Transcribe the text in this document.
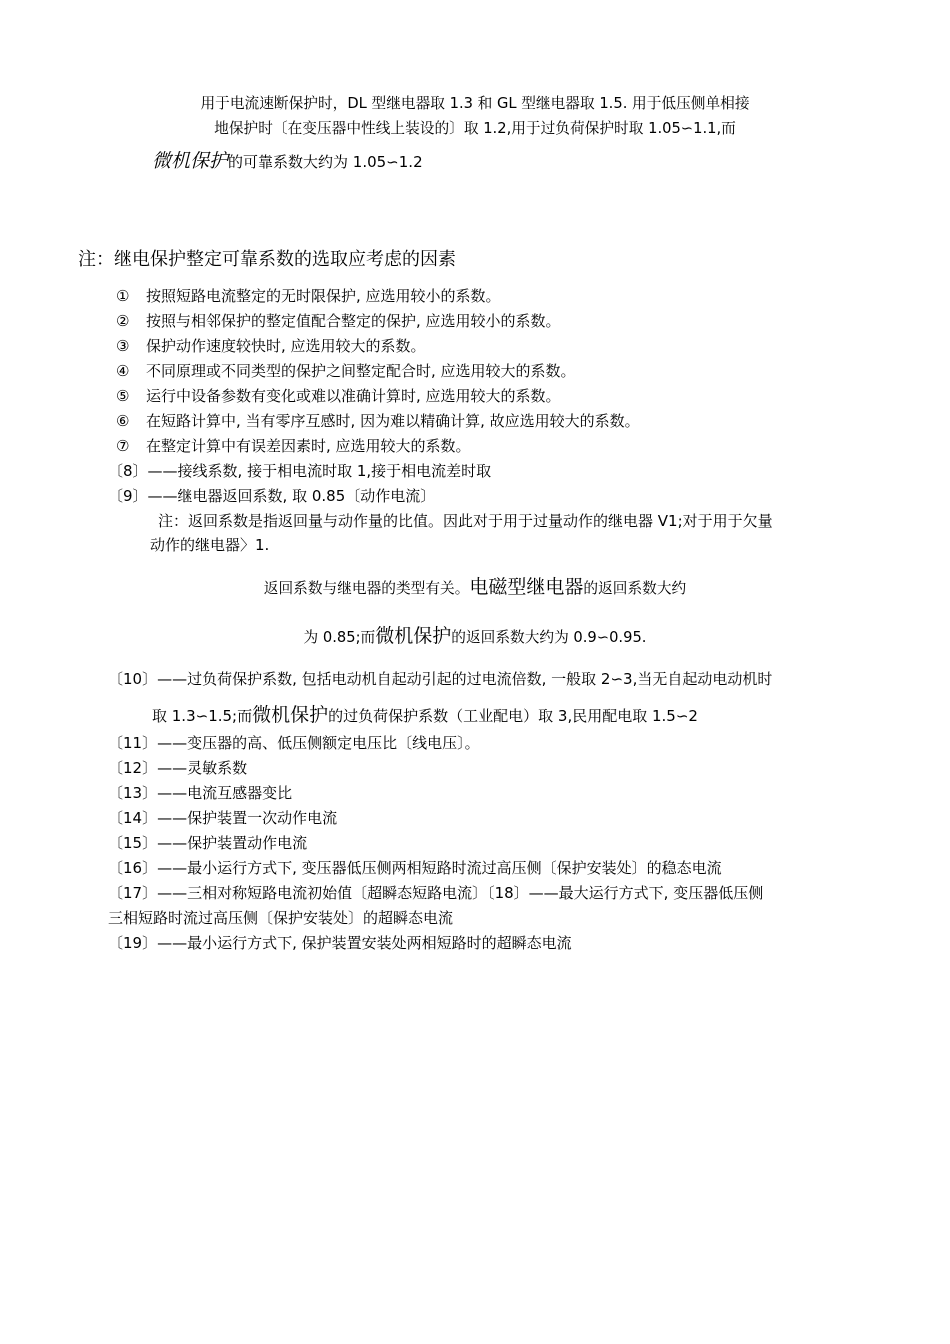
用于电流速断保护时，DL 型继电器取 1.3 和 GL 型继电器取 1.5. 用于低压侧单相接
地保护时〔在变压器中性线上装设的〕取 1.2,用于过负荷保护时取 1.05∽1.1,而
微机保护的可靠系数大约为 1.05∽1.2
注：继电保护整定可靠系数的选取应考虑的因素
① 按照短路电流整定的无时限保护, 应选用较小的系数。
② 按照与相邻保护的整定值配合整定的保护, 应选用较小的系数。
③ 保护动作速度较快时, 应选用较大的系数。
④ 不同原理或不同类型的保护之间整定配合时, 应选用较大的系数。
⑤ 运行中设备参数有变化或难以准确计算时, 应选用较大的系数。
⑥ 在短路计算中, 当有零序互感时, 因为难以精确计算, 故应选用较大的系数。
⑦ 在整定计算中有误差因素时, 应选用较大的系数。
〔8〕——接线系数, 接于相电流时取 1,接于相电流差时取
〔9〕——继电器返回系数, 取 0.85〔动作电流〕
注：返回系数是指返回量与动作量的比值。因此对于用于过量动作的继电器 V1;对于用于欠量
动作的继电器〉1.
返回系数与继电器的类型有关。电磁型继电器的返回系数大约
为 0.85;而微机保护的返回系数大约为 0.9∽0.95.
〔10〕——过负荷保护系数, 包括电动机自起动引起的过电流倍数, 一般取 2∽3,当无自起动电动机时
取 1.3∽1.5;而微机保护的过负荷保护系数（工业配电）取 3,民用配电取 1.5∽2
〔11〕——变压器的高、低压侧额定电压比〔线电压〕。
〔12〕——灵敏系数
〔13〕——电流互感器变比
〔14〕——保护装置一次动作电流
〔15〕——保护装置动作电流
〔16〕——最小运行方式下, 变压器低压侧两相短路时流过高压侧〔保护安装处〕的稳态电流
〔17〕——三相对称短路电流初始值〔超瞬态短路电流〕〔18〕——最大运行方式下, 变压器低压侧
三相短路时流过高压侧〔保护安装处〕的超瞬态电流
〔19〕——最小运行方式下, 保护装置安装处两相短路时的超瞬态电流
